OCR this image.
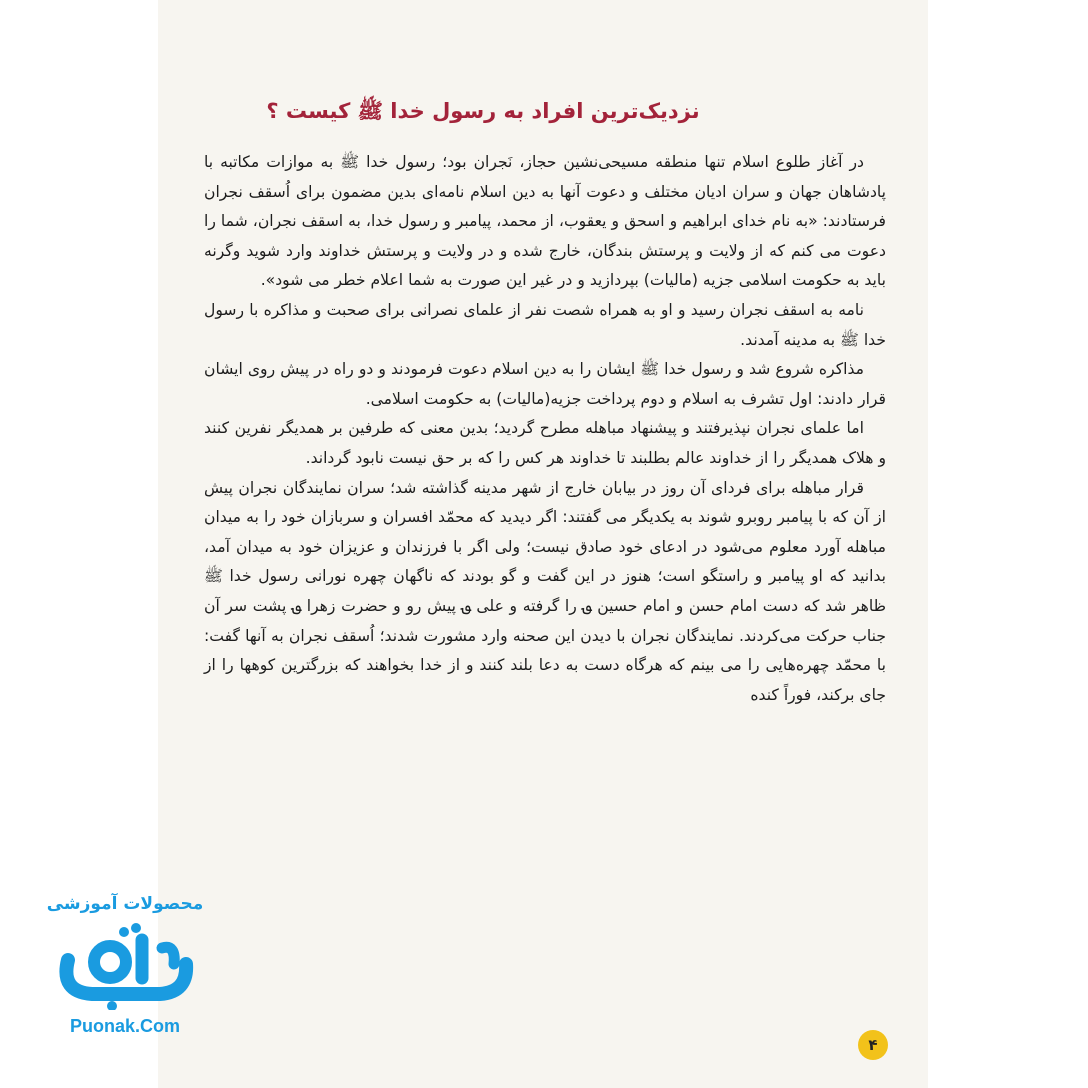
نزدیک‌ترین افراد به رسول خدا ﷺ کیست ؟

در آغاز طلوع اسلام تنها منطقه مسیحی‌نشین حجاز، نَجران بود؛ رسول خدا ﷺ به موازات مکاتبه با پادشاهان جهان و سران ادیان مختلف و دعوت آنها به دین اسلام نامه‌ای بدین مضمون برای اُسقف نجران فرستادند: «به نام خدای ابراهیم و اسحق و یعقوب، از محمد، پیامبر و رسول خدا، به اسقف نجران، شما را دعوت می کنم که از ولایت و پرستش بندگان، خارج شده و در ولایت و پرستش خداوند وارد شوید وگرنه باید به حکومت اسلامی جزیه (مالیات) بپردازید و در غیر این صورت به شما اعلام خطر می شود».

نامه به اسقف نجران رسید و او به همراه شصت نفر از علمای نصرانی برای صحبت و مذاکره با رسول خدا ﷺ به مدینه آمدند.

مذاکره شروع شد و رسول خدا ﷺ ایشان را به دین اسلام دعوت فرمودند و دو راه در پیش روی ایشان قرار دادند: اول تشرف به اسلام و دوم پرداخت جزیه(مالیات) به حکومت اسلامی.

اما علمای نجران نپذیرفتند و پیشنهاد مباهله مطرح گردید؛ بدین معنی که طرفین بر همدیگر نفرین کنند و هلاک همدیگر را از خداوند عالم بطلبند تا خداوند هر کس را که بر حق نیست نابود گرداند.

قرار مباهله برای فردای آن روز در بیابان خارج از شهر مدینه گذاشته شد؛ سران نمایندگان نجران پیش از آن که با پیامبر روبرو شوند به یکدیگر می گفتند: اگر دیدید که محمّد افسران و سربازان خود را به میدان مباهله آورد معلوم می‌شود در ادعای خود صادق نیست؛ ولی اگر با فرزندان و عزیزان خود به میدان آمد، بدانید که او پیامبر و راستگو است؛ هنوز در این گفت و گو بودند که ناگهان چهره نورانی رسول خدا ﷺ ظاهر شد که دست امام حسن و امام حسین ؈ را گرفته و علی ؈ پیش رو و حضرت زهرا ؈ پشت سر آن جناب حرکت می‌کردند. نمایندگان نجران با دیدن این صحنه وارد مشورت شدند؛ اُسقف نجران به آنها گفت: با محمّد چهره‌هایی را می بینم که هرگاه دست به دعا بلند کنند و از خدا بخواهند که بزرگترین کوهها را از جای برکند، فوراً کنده

۴
محصولات آموزشی
Puonak.Com
